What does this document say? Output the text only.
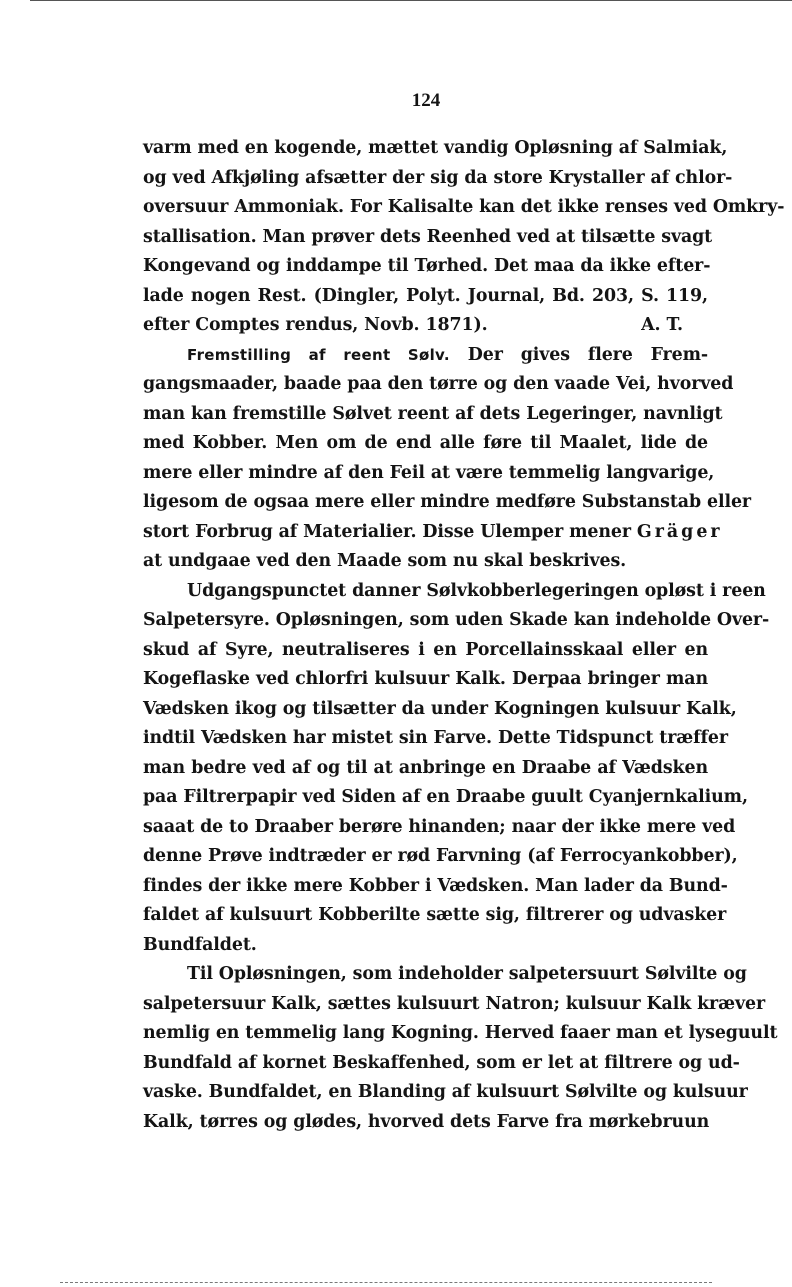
124
varm med en kogende, mættet vandig Opløsning af Salmiak,
og ved Afkjøling afsætter der sig da store Krystaller af chlor-
oversuur Ammoniak. For Kalisalte kan det ikke renses ved Omkry-
stallisation. Man prøver dets Reenhed ved at tilsætte svagt
Kongevand og inddampe til Tørhed. Det maa da ikke efter-
lade nogen Rest. (Dingler, Polyt. Journal, Bd. 203, S. 119,
efter Comptes rendus, Novb. 1871).	A. T.
Fremstilling af reent Sølv. Der gives flere Frem-
gangsmaader, baade paa den tørre og den vaade Vei, hvorved
man kan fremstille Sølvet reent af dets Legeringer, navnligt
med Kobber. Men om de end alle føre til Maalet, lide de
mere eller mindre af den Feil at være temmelig langvarige,
ligesom de ogsaa mere eller mindre medføre Substanstab eller
stort Forbrug af Materialier. Disse Ulemper mener Gräger
at undgaae ved den Maade som nu skal beskrives.
Udgangspunctet danner Sølvkobberlegeringen opløst i reen
Salpetersyre. Opløsningen, som uden Skade kan indeholde Over-
skud af Syre, neutraliseres i en Porcellainsskaal eller en
Kogeflaske ved chlorfri kulsuur Kalk. Derpaa bringer man
Vædsken ikog og tilsætter da under Kogningen kulsuur Kalk,
indtil Vædsken har mistet sin Farve. Dette Tidspunct træffer
man bedre ved af og til at anbringe en Draabe af Vædsken
paa Filtrerpapir ved Siden af en Draabe guult Cyanjernkalium,
saaat de to Draaber berøre hinanden; naar der ikke mere ved
denne Prøve indtræder er rød Farvning (af Ferrocyankobber),
findes der ikke mere Kobber i Vædsken. Man lader da Bund-
faldet af kulsuurt Kobberilte sætte sig, filtrerer og udvasker
Bundfaldet.
Til Opløsningen, som indeholder salpetersuurt Sølvilte og
salpetersuur Kalk, sættes kulsuurt Natron; kulsuur Kalk kræver
nemlig en temmelig lang Kogning. Herved faaer man et lyseguult
Bundfald af kornet Beskaffenhed, som er let at filtrere og ud-
vaske. Bundfaldet, en Blanding af kulsuurt Sølvilte og kulsuur
Kalk, tørres og glødes, hvorved dets Farve fra mørkebruun
